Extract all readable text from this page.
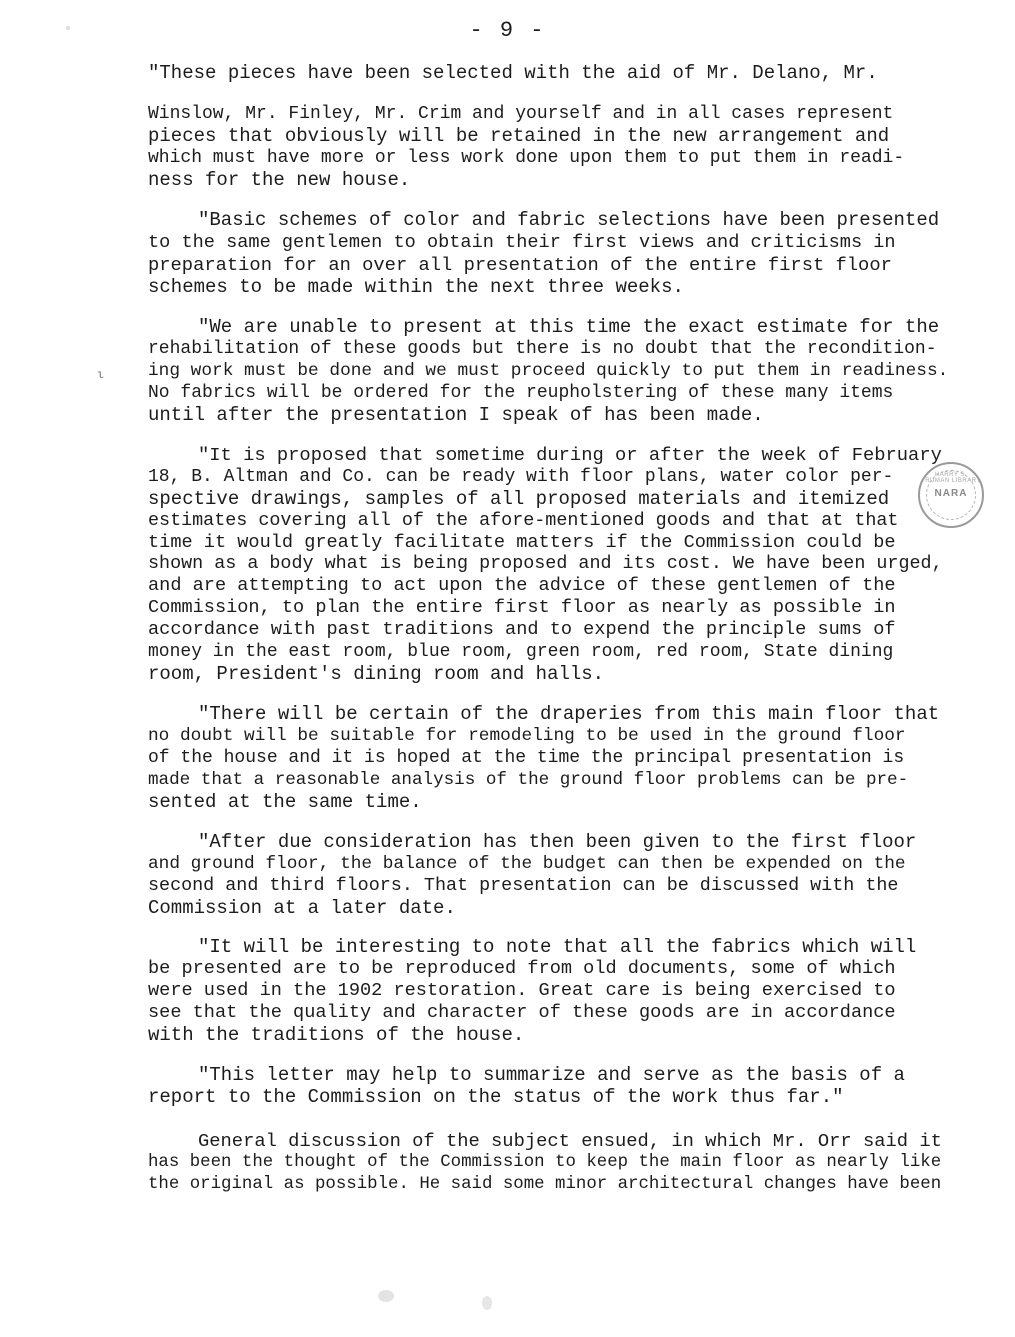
- 9 -
ι
"These pieces have been selected with the aid of Mr. Delano, Mr.
Winslow, Mr. Finley, Mr. Crim and yourself and in all cases represent
pieces that obviously will be retained in the new arrangement and
which must have more or less work done upon them to put them in readi-
ness for the new house.
"Basic schemes of color and fabric selections have been presented
to the same gentlemen to obtain their first views and criticisms in
preparation for an over all presentation of the entire first floor
schemes to be made within the next three weeks.
"We are unable to present at this time the exact estimate for the
rehabilitation of these goods but there is no doubt that the recondition-
ing work must be done and we must proceed quickly to put them in readiness.
No fabrics will be ordered for the reupholstering of these many items
until after the presentation I speak of has been made.
"It is proposed that sometime during or after the week of February
18, B. Altman and Co. can be ready with floor plans, water color per-
spective drawings, samples of all proposed materials and itemized
estimates covering all of the afore-mentioned goods and that at that
time it would greatly facilitate matters if the Commission could be
shown as a body what is being proposed and its cost. We have been urged,
and are attempting to act upon the advice of these gentlemen of the
Commission, to plan the entire first floor as nearly as possible in
accordance with past traditions and to expend the principle sums of
money in the east room, blue room, green room, red room, State dining
room, President's dining room and halls.
"There will be certain of the draperies from this main floor that
no doubt will be suitable for remodeling to be used in the ground floor
of the house and it is hoped at the time the principal presentation is
made that a reasonable analysis of the ground floor problems can be pre-
sented at the same time.
"After due consideration has then been given to the first floor
and ground floor, the balance of the budget can then be expended on the
second and third floors. That presentation can be discussed with the
Commission at a later date.
"It will be interesting to note that all the fabrics which will
be presented are to be reproduced from old documents, some of which
were used in the 1902 restoration. Great care is being exercised to
see that the quality and character of these goods are in accordance
with the traditions of the house.
"This letter may help to summarize and serve as the basis of a
report to the Commission on the status of the work thus far."
General discussion of the subject ensued, in which Mr. Orr said it
has been the thought of the Commission to keep the main floor as nearly like
the original as possible. He said some minor architectural changes have been
HARRY S. TRUMAN LIBRARY
NARA
